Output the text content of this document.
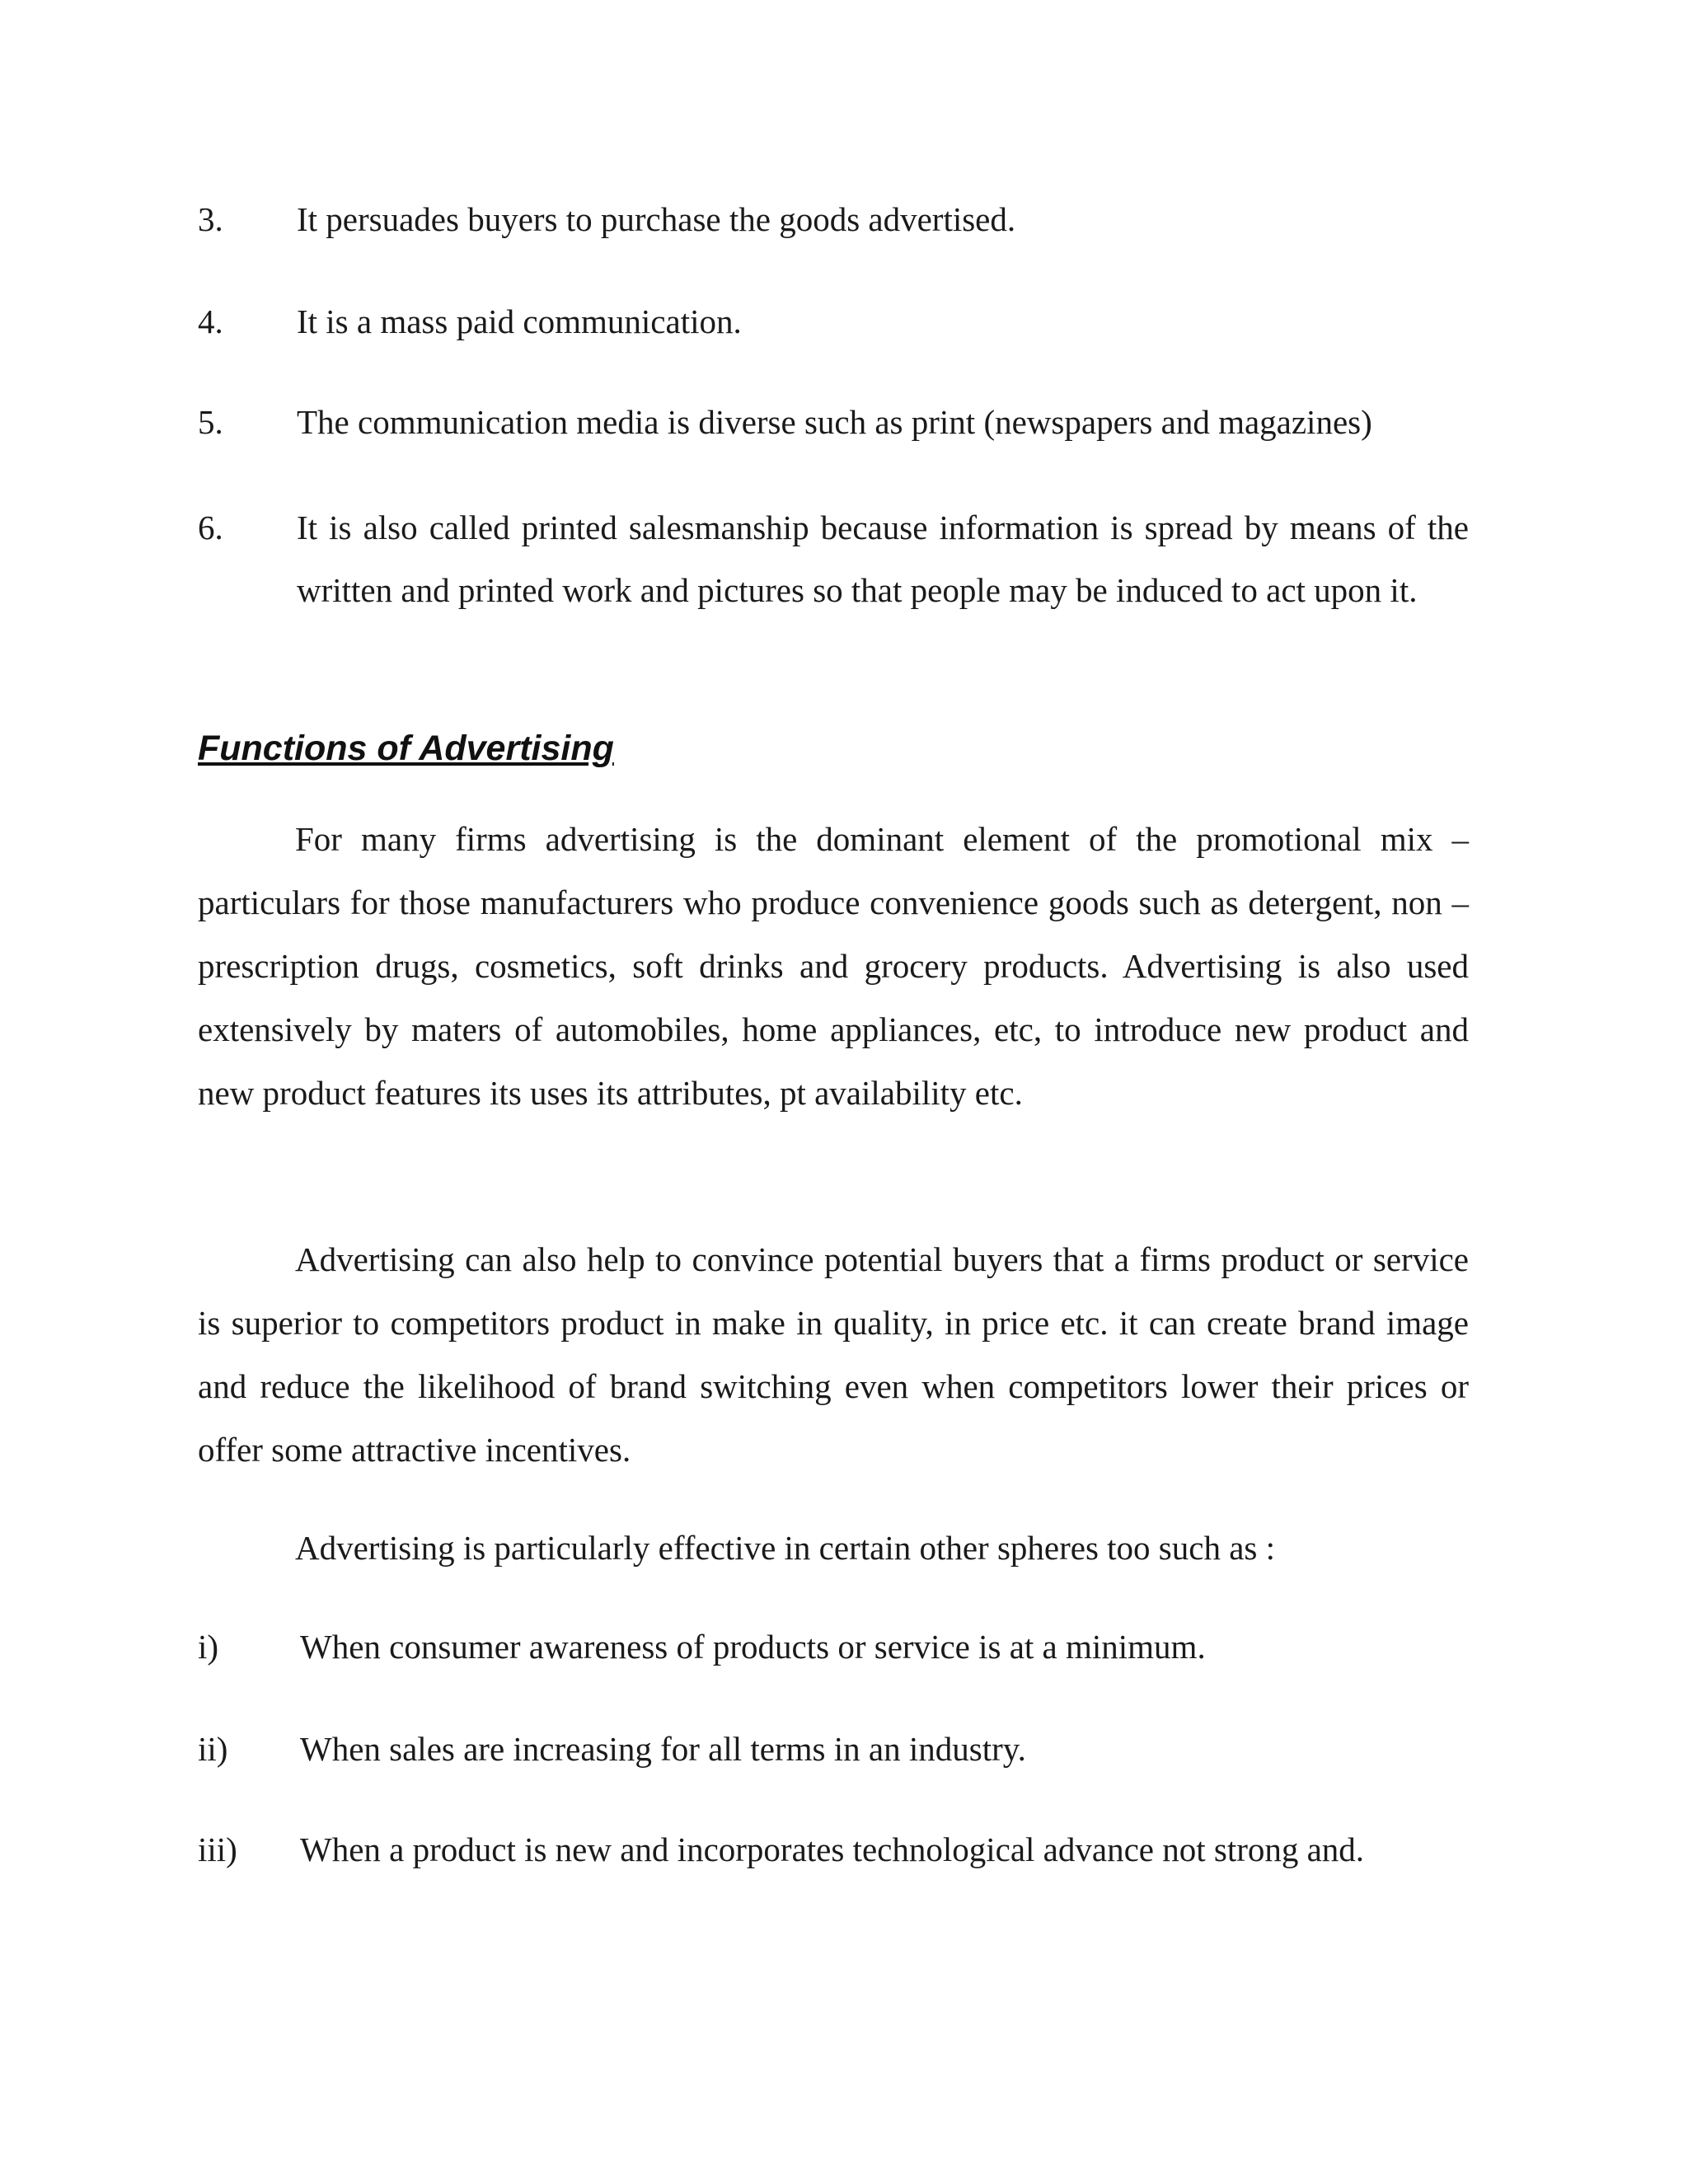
3. It persuades buyers to purchase the goods advertised.
4. It is a mass paid communication.
5. The communication media is diverse such as print (newspapers and magazines)
6. It is also called printed salesmanship because information is spread by means of the written and printed work and pictures so that people may be induced to act upon it.
Functions of Advertising

For many firms advertising is the dominant element of the promotional mix – particulars for those manufacturers who produce convenience goods such as detergent, non – prescription drugs, cosmetics, soft drinks and grocery products. Advertising is also used extensively by maters of automobiles, home appliances, etc, to introduce new product and new product features its uses its attributes, pt availability etc.

Advertising can also help to convince potential buyers that a firms product or service is superior to competitors product in make in quality, in price etc. it can create brand image and reduce the likelihood of brand switching even when competitors lower their prices or offer some attractive incentives.

Advertising is particularly effective in certain other spheres too such as :

i) When consumer awareness of products or service is at a minimum.
ii) When sales are increasing for all terms in an industry.
iii) When a product is new and incorporates technological advance not strong and.
